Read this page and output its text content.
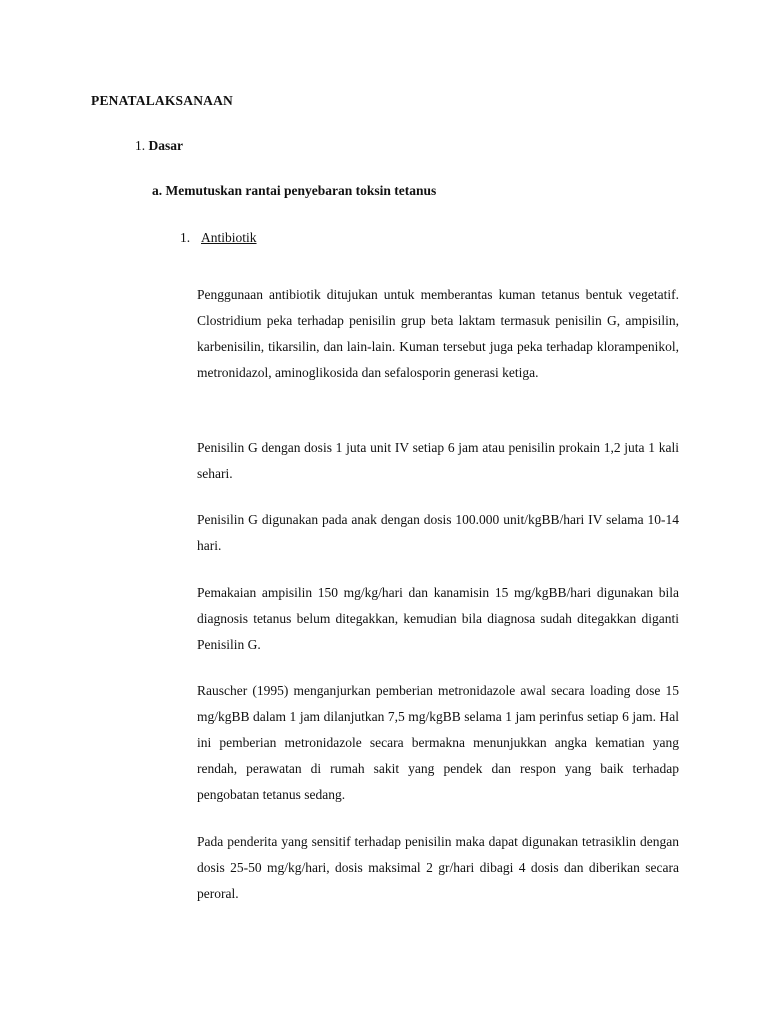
PENATALAKSANAAN
1. Dasar
a. Memutuskan rantai penyebaran toksin tetanus
1. Antibiotik

Penggunaan antibiotik ditujukan untuk memberantas kuman tetanus bentuk vegetatif. Clostridium peka terhadap penisilin grup beta laktam termasuk penisilin G, ampisilin, karbenisilin, tikarsilin, dan lain-lain. Kuman tersebut juga peka terhadap klorampenikol, metronidazol, aminoglikosida dan sefalosporin generasi ketiga.

Penisilin G dengan dosis 1 juta unit IV setiap 6 jam atau penisilin prokain 1,2 juta 1 kali sehari.

Penisilin G digunakan pada anak dengan dosis 100.000 unit/kgBB/hari IV selama 10-14 hari.

Pemakaian ampisilin 150 mg/kg/hari dan kanamisin 15 mg/kgBB/hari digunakan bila diagnosis tetanus belum ditegakkan, kemudian bila diagnosa sudah ditegakkan diganti Penisilin G.

Rauscher (1995) menganjurkan pemberian metronidazole awal secara loading dose 15 mg/kgBB dalam 1 jam dilanjutkan 7,5 mg/kgBB selama 1 jam perinfus setiap 6 jam. Hal ini pemberian metronidazole secara bermakna menunjukkan angka kematian yang rendah, perawatan di rumah sakit yang pendek dan respon yang baik terhadap pengobatan tetanus sedang.

Pada penderita yang sensitif terhadap penisilin maka dapat digunakan tetrasiklin dengan dosis 25-50 mg/kg/hari, dosis maksimal 2 gr/hari dibagi 4 dosis dan diberikan secara peroral.
